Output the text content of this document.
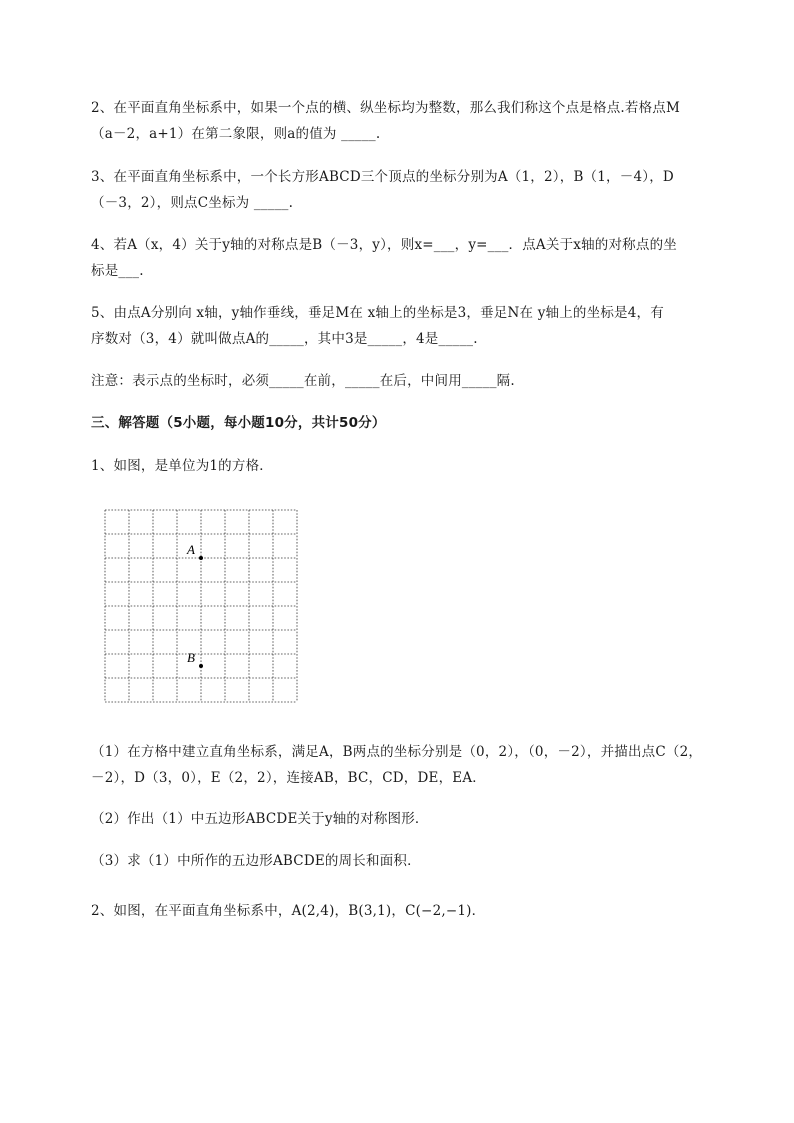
2、在平面直角坐标系中，如果一个点的横、纵坐标均为整数，那么我们称这个点是格点.若格点M
（a－2，a+1）在第二象限，则a的值为 _____.

3、在平面直角坐标系中，一个长方形ABCD三个顶点的坐标分别为A（1，2），B（1，－4），D
（－3，2），则点C坐标为 _____.

4、若A（x，4）关于y轴的对称点是B（－3，y），则x=___，y=___．点A关于x轴的对称点的坐
标是___.

5、由点A分别向 x轴，y轴作垂线，垂足M在 x轴上的坐标是3，垂足N在 y轴上的坐标是4，有
序数对（3，4）就叫做点A的_____，其中3是_____，4是_____.

注意：表示点的坐标时，必须_____在前，_____在后，中间用_____隔.

三、解答题（5小题，每小题10分，共计50分）

1、如图，是单位为1的方格．

A
B

（1）在方格中建立直角坐标系，满足A，B两点的坐标分别是（0，2），（0，－2），并描出点C（2，
－2），D（3，0），E（2，2），连接AB，BC，CD，DE，EA．

（2）作出（1）中五边形ABCDE关于y轴的对称图形．

（3）求（1）中所作的五边形ABCDE的周长和面积．

2、如图，在平面直角坐标系中，A(2,4)，B(3,1)，C(−2,−1)．
